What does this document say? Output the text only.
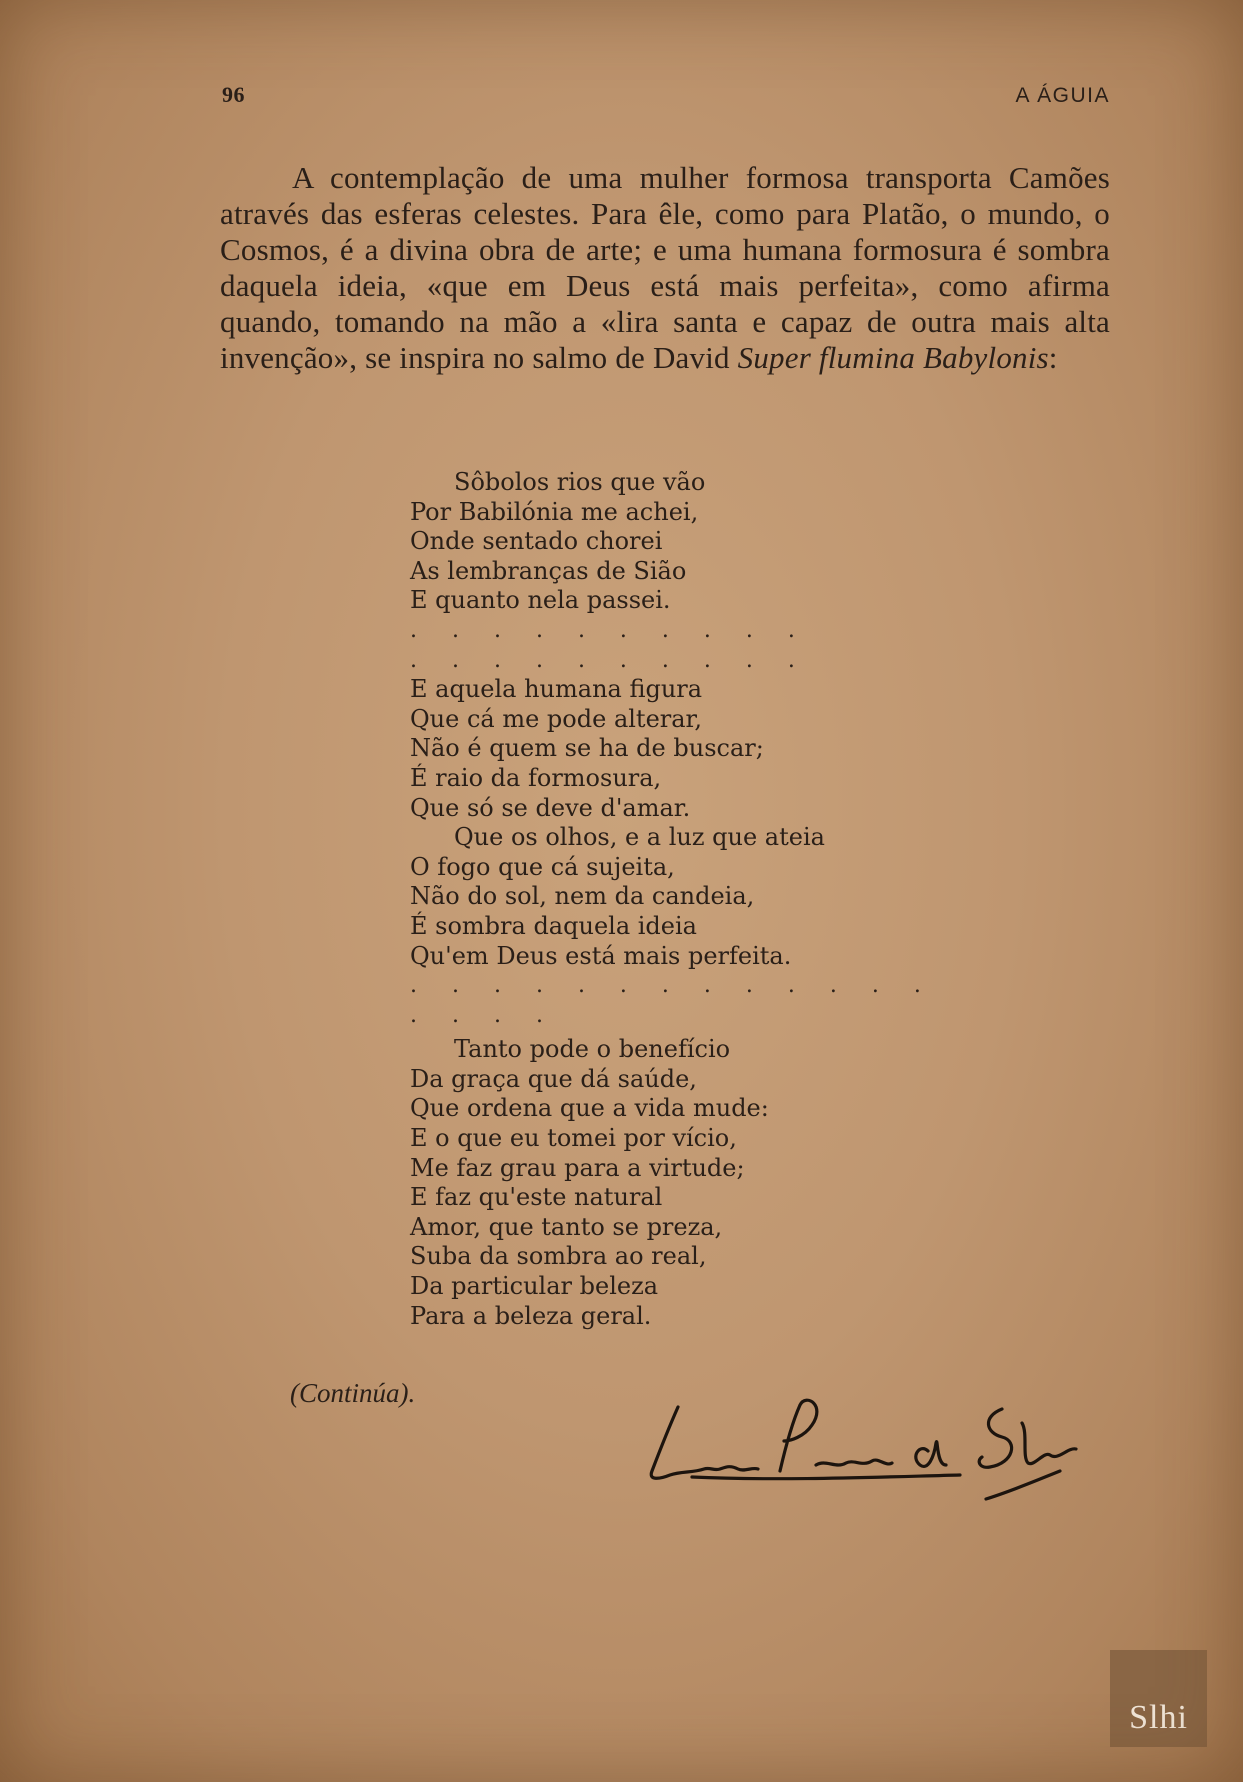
96	A ÁGUIA

A contemplação de uma mulher formosa transporta Camões através das esferas celestes. Para êle, como para Platão, o mundo, o Cosmos, é a divina obra de arte; e uma humana formosura é sombra daquela ideia, «que em Deus está mais perfeita», como afirma quando, tomando na mão a «lira santa e capaz de outra mais alta invenção», se inspira no salmo de David Super flumina Babylonis:

Sôbolos rios que vão
Por Babilónia me achei,
Onde sentado chorei
As lembranças de Sião
E quanto nela passei.
. . . . . . . . . .
. . . . . . . . . .
E aquela humana figura
Que cá me pode alterar,
Não é quem se ha de buscar;
É raio da formosura,
Que só se deve d'amar.
Que os olhos, e a luz que ateia
O fogo que cá sujeita,
Não do sol, nem da candeia,
É sombra daquela ideia
Qu'em Deus está mais perfeita.
. . . . . . . . . . . . . . . . .
Tanto pode o benefício
Da graça que dá saúde,
Que ordena que a vida mude:
E o que eu tomei por vício,
Me faz grau para a virtude;
E faz qu'este natural
Amor, que tanto se preza,
Suba da sombra ao real,
Da particular beleza
Para a beleza geral.
(Continúa).
Slhi
